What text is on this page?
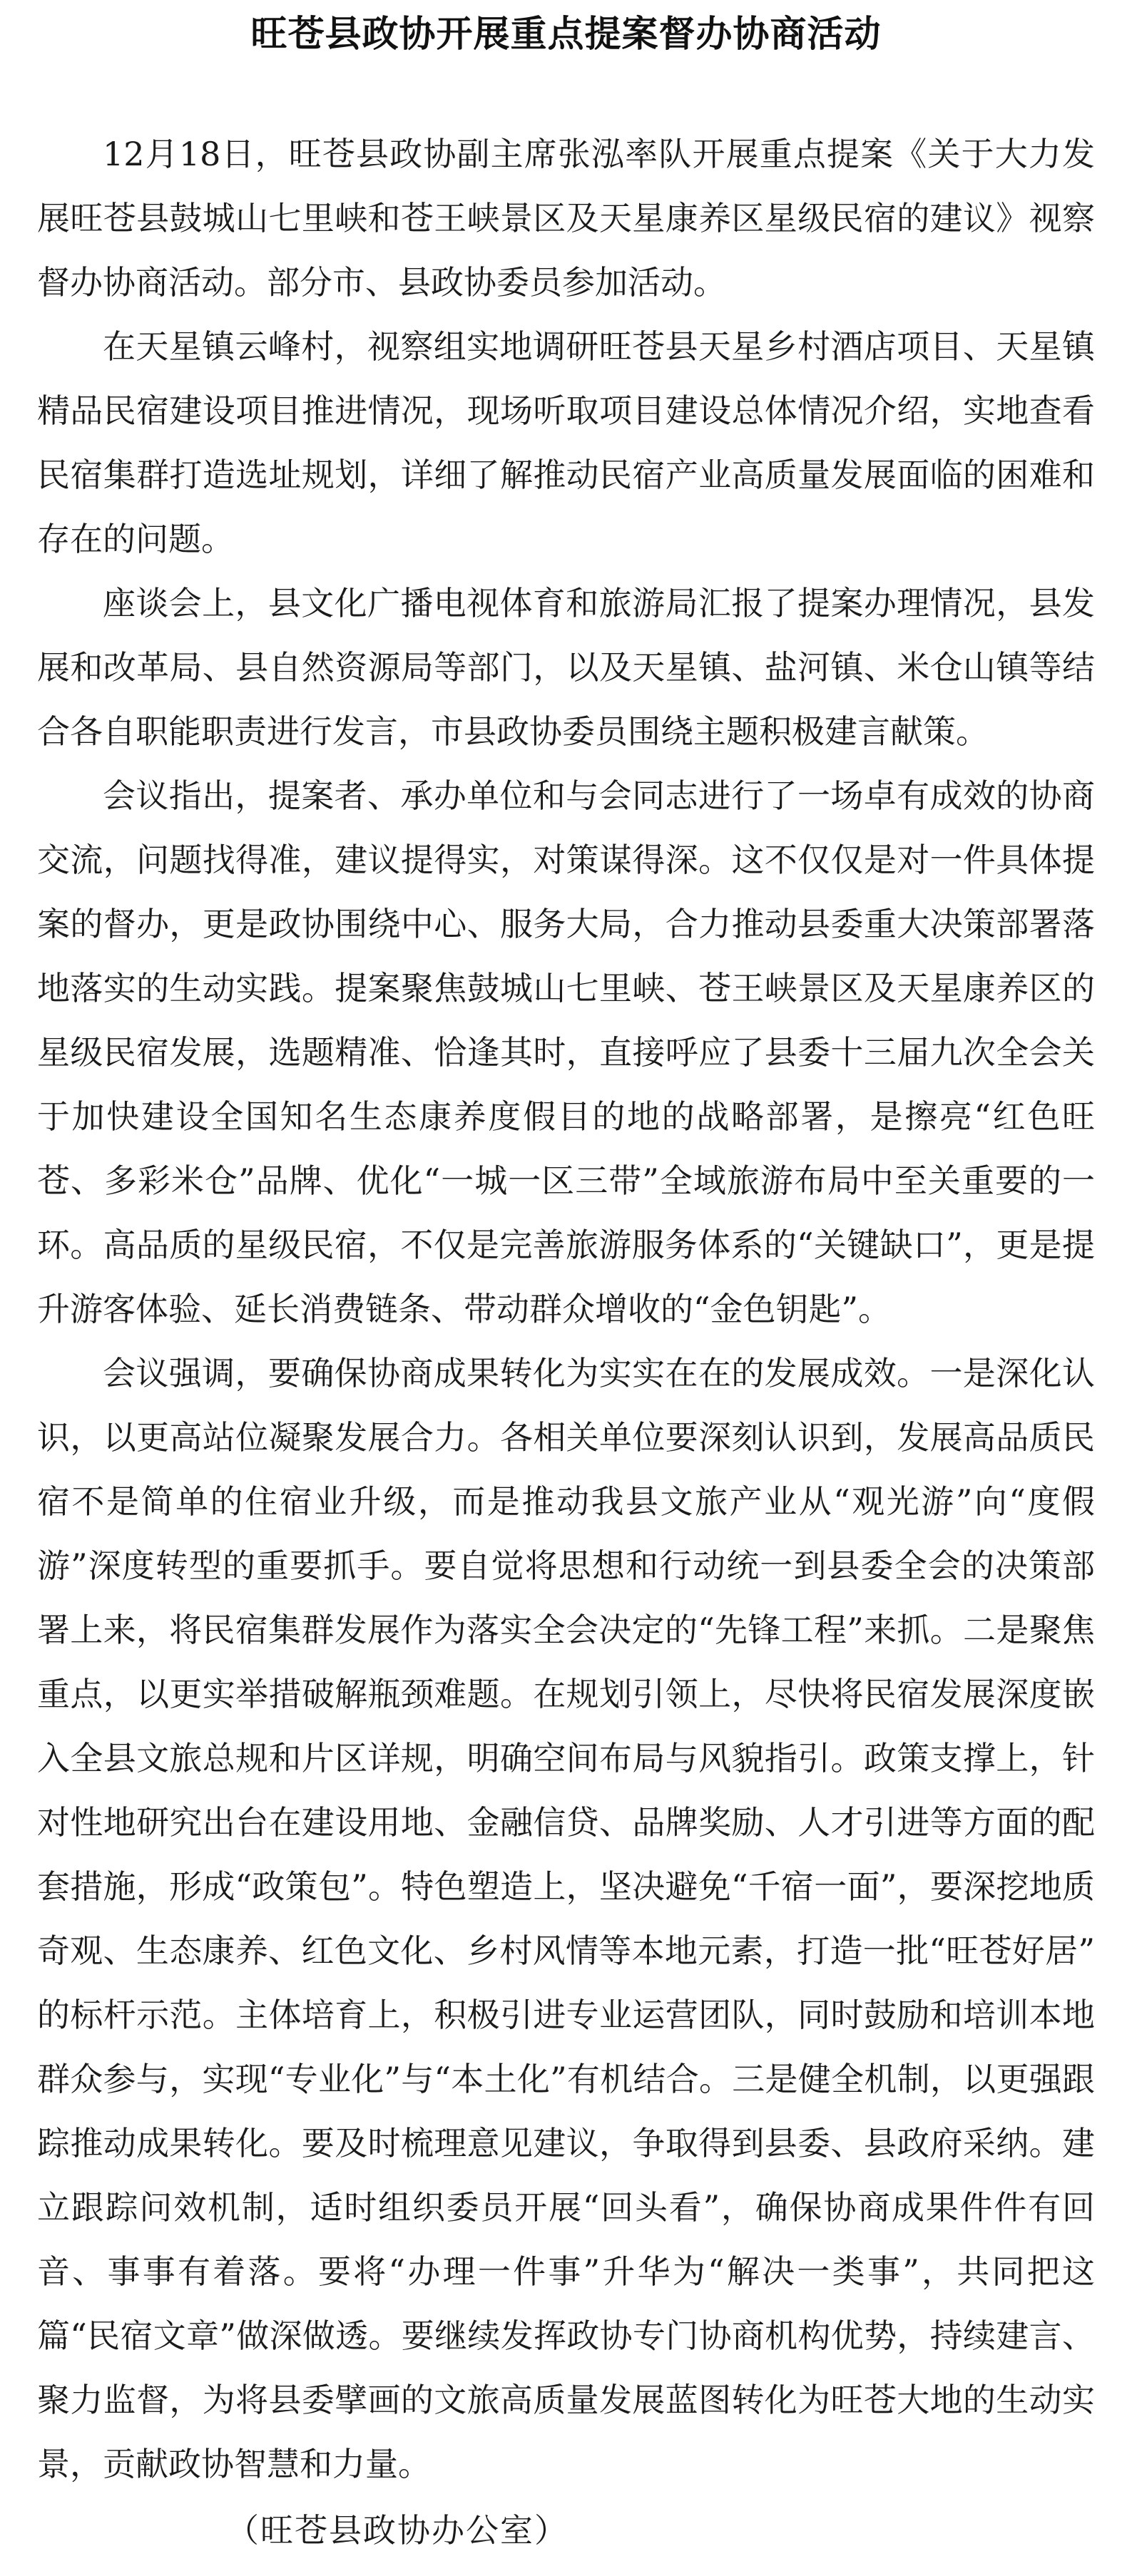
旺苍县政协开展重点提案督办协商活动

12月18日，旺苍县政协副主席张泓率队开展重点提案《关于大力发展旺苍县鼓城山七里峡和苍王峡景区及天星康养区星级民宿的建议》视察督办协商活动。部分市、县政协委员参加活动。

在天星镇云峰村，视察组实地调研旺苍县天星乡村酒店项目、天星镇精品民宿建设项目推进情况，现场听取项目建设总体情况介绍，实地查看民宿集群打造选址规划，详细了解推动民宿产业高质量发展面临的困难和存在的问题。

座谈会上，县文化广播电视体育和旅游局汇报了提案办理情况，县发展和改革局、县自然资源局等部门，以及天星镇、盐河镇、米仓山镇等结合各自职能职责进行发言，市县政协委员围绕主题积极建言献策。

会议指出，提案者、承办单位和与会同志进行了一场卓有成效的协商交流，问题找得准，建议提得实，对策谋得深。这不仅仅是对一件具体提案的督办，更是政协围绕中心、服务大局，合力推动县委重大决策部署落地落实的生动实践。提案聚焦鼓城山七里峡、苍王峡景区及天星康养区的星级民宿发展，选题精准、恰逢其时，直接呼应了县委十三届九次全会关于加快建设全国知名生态康养度假目的地的战略部署，是擦亮“红色旺苍、多彩米仓”品牌、优化“一城一区三带”全域旅游布局中至关重要的一环。高品质的星级民宿，不仅是完善旅游服务体系的“关键缺口”，更是提升游客体验、延长消费链条、带动群众增收的“金色钥匙”。

会议强调，要确保协商成果转化为实实在在的发展成效。一是深化认识，以更高站位凝聚发展合力。各相关单位要深刻认识到，发展高品质民宿不是简单的住宿业升级，而是推动我县文旅产业从“观光游”向“度假游”深度转型的重要抓手。要自觉将思想和行动统一到县委全会的决策部署上来，将民宿集群发展作为落实全会决定的“先锋工程”来抓。二是聚焦重点，以更实举措破解瓶颈难题。在规划引领上，尽快将民宿发展深度嵌入全县文旅总规和片区详规，明确空间布局与风貌指引。政策支撑上，针对性地研究出台在建设用地、金融信贷、品牌奖励、人才引进等方面的配套措施，形成“政策包”。特色塑造上，坚决避免“千宿一面”，要深挖地质奇观、生态康养、红色文化、乡村风情等本地元素，打造一批“旺苍好居” 的标杆示范。主体培育上，积极引进专业运营团队，同时鼓励和培训本地群众参与，实现“专业化”与“本土化”有机结合。三是健全机制，以更强跟踪推动成果转化。要及时梳理意见建议，争取得到县委、县政府采纳。建立跟踪问效机制，适时组织委员开展“回头看”，确保协商成果件件有回音、事事有着落。要将“办理一件事”升华为“解决一类事”，共同把这篇“民宿文章”做深做透。要继续发挥政协专门协商机构优势，持续建言、聚力监督，为将县委擘画的文旅高质量发展蓝图转化为旺苍大地的生动实景，贡献政协智慧和力量。

（旺苍县政协办公室）
